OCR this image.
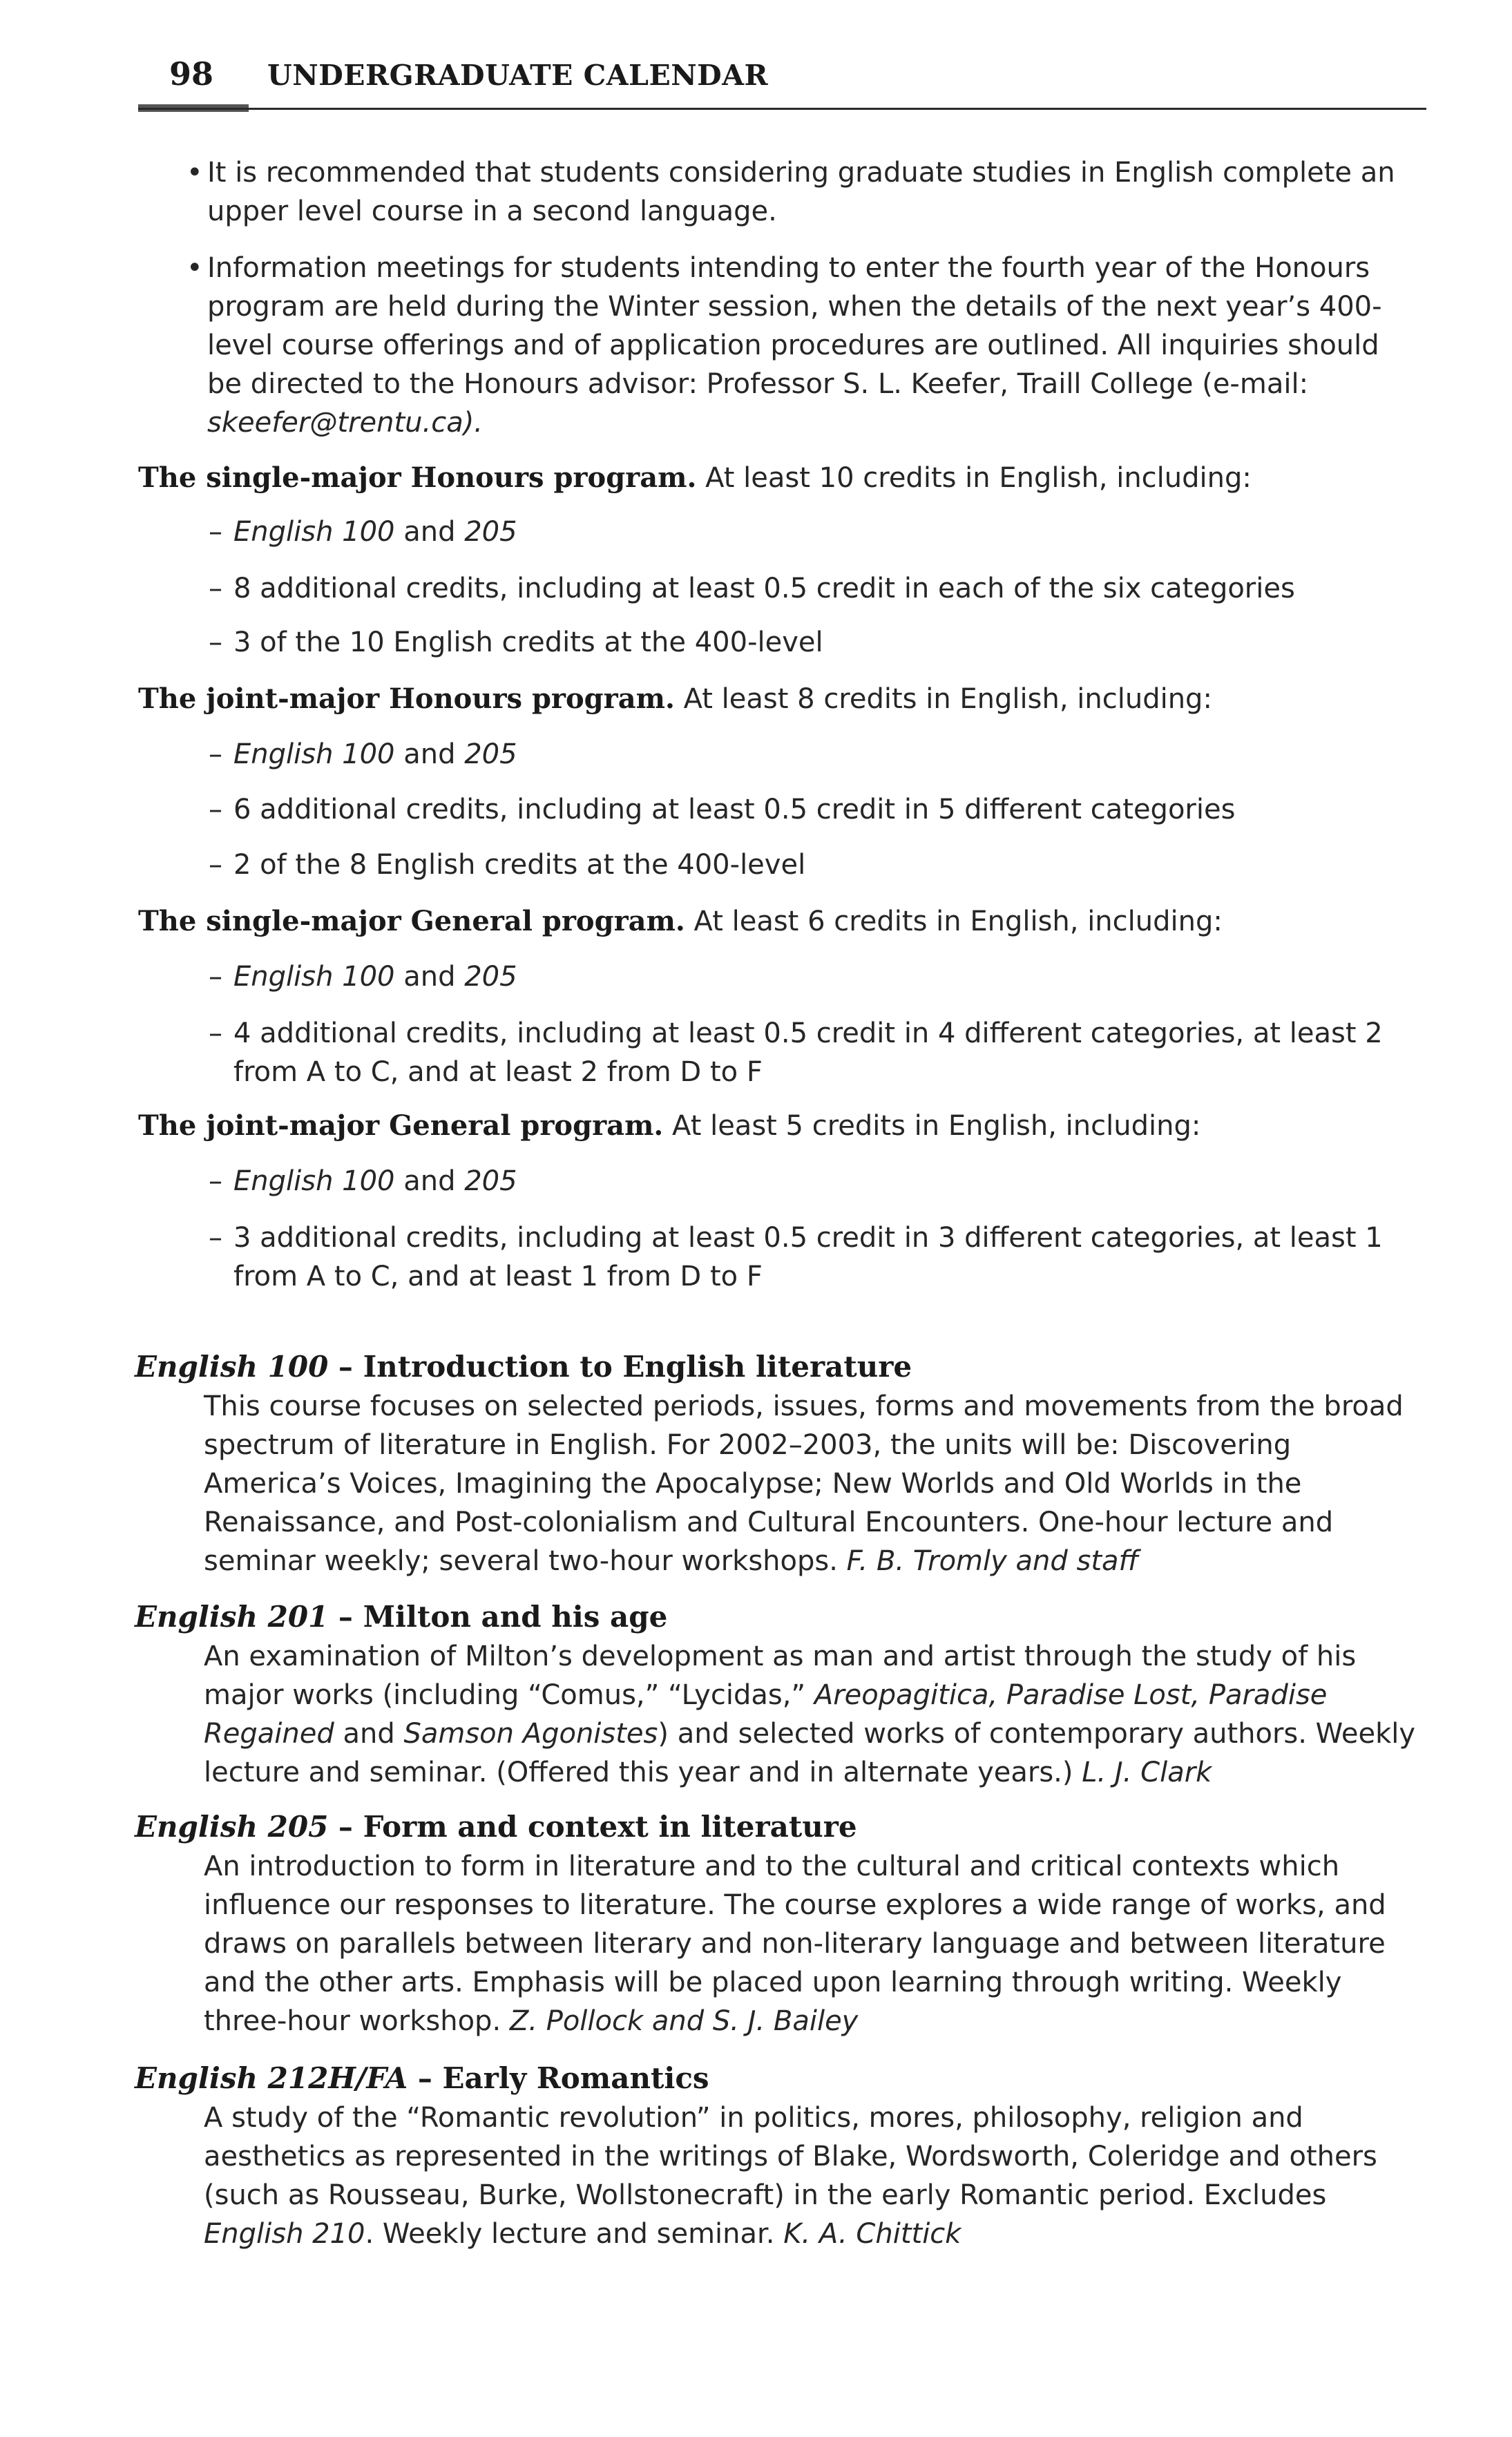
98 UNDERGRADUATE CALENDAR
• It is recommended that students considering graduate studies in English complete an upper level course in a second language.
• Information meetings for students intending to enter the fourth year of the Honours program are held during the Winter session, when the details of the next year’s 400-level course offerings and of application procedures are outlined. All inquiries should be directed to the Honours advisor: Professor S. L. Keefer, Traill College (e-mail: skeefer@trentu.ca).
The single-major Honours program. At least 10 credits in English, including:
– English 100 and 205
– 8 additional credits, including at least 0.5 credit in each of the six categories
– 3 of the 10 English credits at the 400-level
The joint-major Honours program. At least 8 credits in English, including:
– English 100 and 205
– 6 additional credits, including at least 0.5 credit in 5 different categories
– 2 of the 8 English credits at the 400-level
The single-major General program. At least 6 credits in English, including:
– English 100 and 205
– 4 additional credits, including at least 0.5 credit in 4 different categories, at least 2 from A to C, and at least 2 from D to F
The joint-major General program. At least 5 credits in English, including:
– English 100 and 205
– 3 additional credits, including at least 0.5 credit in 3 different categories, at least 1 from A to C, and at least 1 from D to F
English 100 – Introduction to English literature
This course focuses on selected periods, issues, forms and movements from the broad spectrum of literature in English. For 2002–2003, the units will be: Discovering America’s Voices, Imagining the Apocalypse; New Worlds and Old Worlds in the Renaissance, and Post-colonialism and Cultural Encounters. One-hour lecture and seminar weekly; several two-hour workshops. F. B. Tromly and staff
English 201 – Milton and his age
An examination of Milton’s development as man and artist through the study of his major works (including “Comus,” “Lycidas,” Areopagitica, Paradise Lost, Paradise Regained and Samson Agonistes) and selected works of contemporary authors. Weekly lecture and seminar. (Offered this year and in alternate years.) L. J. Clark
English 205 – Form and context in literature
An introduction to form in literature and to the cultural and critical contexts which influence our responses to literature. The course explores a wide range of works, and draws on parallels between literary and non-literary language and between literature and the other arts. Emphasis will be placed upon learning through writing. Weekly three-hour workshop. Z. Pollock and S. J. Bailey
English 212H/FA – Early Romantics
A study of the “Romantic revolution” in politics, mores, philosophy, religion and aesthetics as represented in the writings of Blake, Wordsworth, Coleridge and others (such as Rousseau, Burke, Wollstonecraft) in the early Romantic period. Excludes English 210. Weekly lecture and seminar. K. A. Chittick
